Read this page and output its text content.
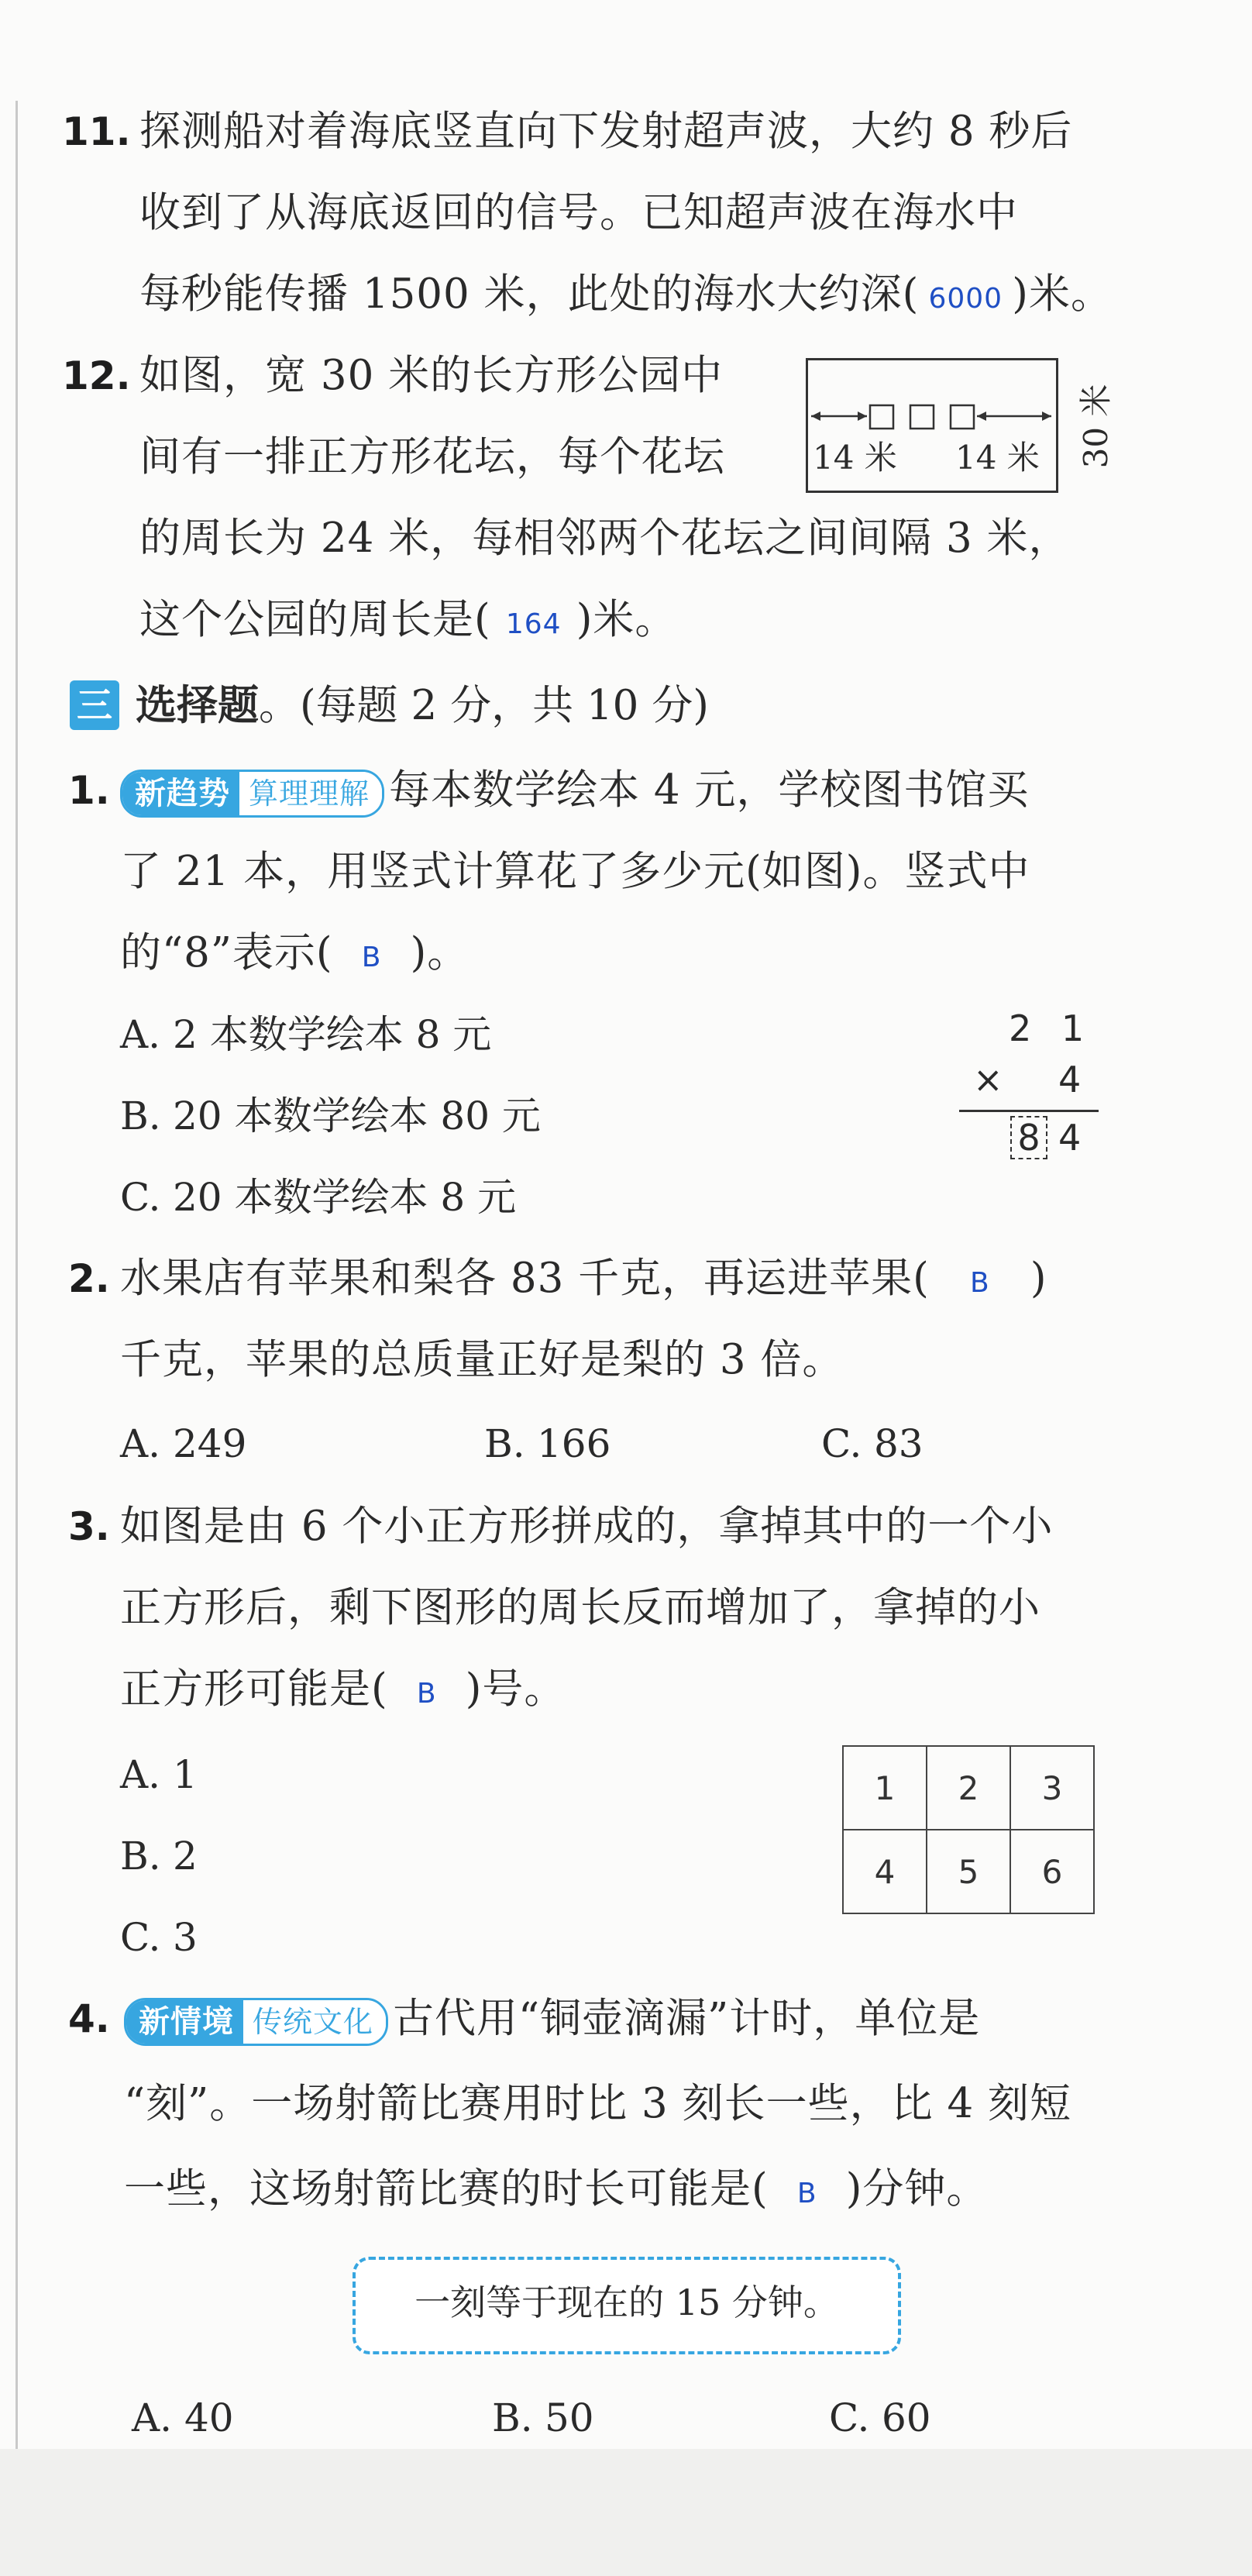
11. 探测船对着海底竖直向下发射超声波，大约 8 秒后
收到了从海底返回的信号。已知超声波在海水中
每秒能传播 1500 米，此处的海水大约深( 6000 )米。
12. 如图，宽 30 米的长方形公园中
间有一排正方形花坛，每个花坛
的周长为 24 米，每相邻两个花坛之间间隔 3 米，
这个公园的周长是( 164 )米。
14 米 14 米 30 米
三 选择题。(每题 2 分，共 10 分)
1. 新趋势 算理理解 每本数学绘本 4 元，学校图书馆买
了 21 本，用竖式计算花了多少元(如图)。竖式中
的“8”表示( B )。
A. 2 本数学绘本 8 元
B. 20 本数学绘本 80 元
C. 20 本数学绘本 8 元
2 1
× 4
8 4
2. 水果店有苹果和梨各 83 千克，再运进苹果( B )
千克，苹果的总质量正好是梨的 3 倍。
A. 249	B. 166	C. 83
3. 如图是由 6 个小正方形拼成的，拿掉其中的一个小
正方形后，剩下图形的周长反而增加了，拿掉的小
正方形可能是( B )号。
A. 1
B. 2
C. 3
1	2	3
4	5	6
4. 新情境 传统文化 古代用“铜壶滴漏”计时，单位是
“刻”。一场射箭比赛用时比 3 刻长一些，比 4 刻短
一些，这场射箭比赛的时长可能是( B )分钟。
一刻等于现在的 15 分钟。
A. 40	B. 50	C. 60
